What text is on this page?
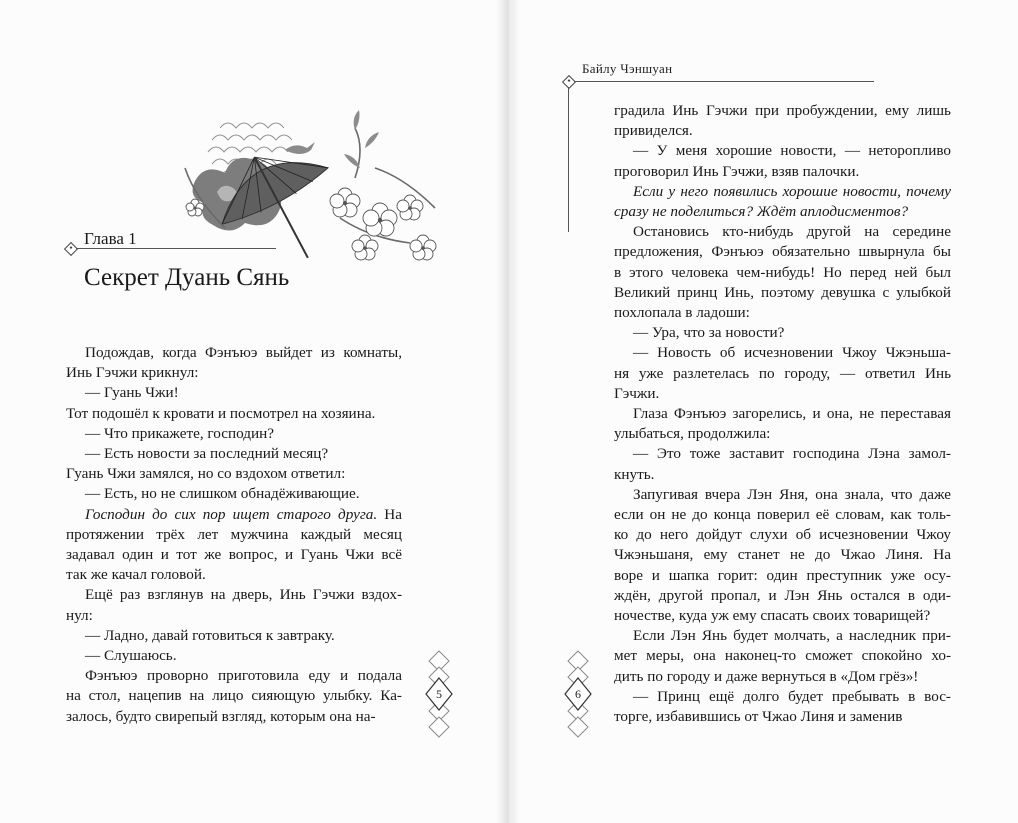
Глава 1
Секрет Дуань Сянь

Подождав, когда Фэнъюэ выйдет из комнаты,

Инь Гэчжи крикнул:

— Гуань Чжи!

Тот подошёл к кровати и посмотрел на хозяина.

— Что прикажете, господин?

— Есть новости за последний месяц?

Гуань Чжи замялся, но со вздохом ответил:

— Есть, но не слишком обнадёживающие.

Господин до сих пор ищет старого друга. На

протяжении трёх лет мужчина каждый месяц

задавал один и тот же вопрос, и Гуань Чжи всё

так же качал головой.

Ещё раз взглянув на дверь, Инь Гэчжи вздох-

нул:

— Ладно, давай готовиться к завтраку.

— Слушаюсь.

Фэнъюэ проворно приготовила еду и подала

на стол, нацепив на лицо сияющую улыбку. Ка-

залось, будто свирепый взгляд, которым она на-

5
Байлу Чэншуан

градила Инь Гэчжи при пробуждении, ему лишь

привиделся.

— У меня хорошие новости, — неторопливо

проговорил Инь Гэчжи, взяв палочки.

Если у него появились хорошие новости, почему

сразу не поделиться? Ждёт аплодисментов?

Остановись кто-нибудь другой на середине

предложения, Фэнъюэ обязательно швырнула бы

в этого человека чем-нибудь! Но перед ней был

Великий принц Инь, поэтому девушка с улыбкой

похлопала в ладоши:

— Ура, что за новости?

— Новость об исчезновении Чжоу Чжэньша-

ня уже разлетелась по городу, — ответил Инь

Гэчжи.

Глаза Фэнъюэ загорелись, и она, не переставая

улыбаться, продолжила:

— Это тоже заставит господина Лэна замол-

кнуть.

Запугивая вчера Лэн Яня, она знала, что даже

если он не до конца поверил её словам, как толь-

ко до него дойдут слухи об исчезновении Чжоу

Чжэньшаня, ему станет не до Чжао Линя. На

воре и шапка горит: один преступник уже осу-

ждён, другой пропал, и Лэн Янь остался в оди-

ночестве, куда уж ему спасать своих товарищей?

Если Лэн Янь будет молчать, а наследник при-

мет меры, она наконец-то сможет спокойно хо-

дить по городу и даже вернуться в «Дом грёз»!

— Принц ещё долго будет пребывать в вос-

торге, избавившись от Чжао Линя и заменив

6
